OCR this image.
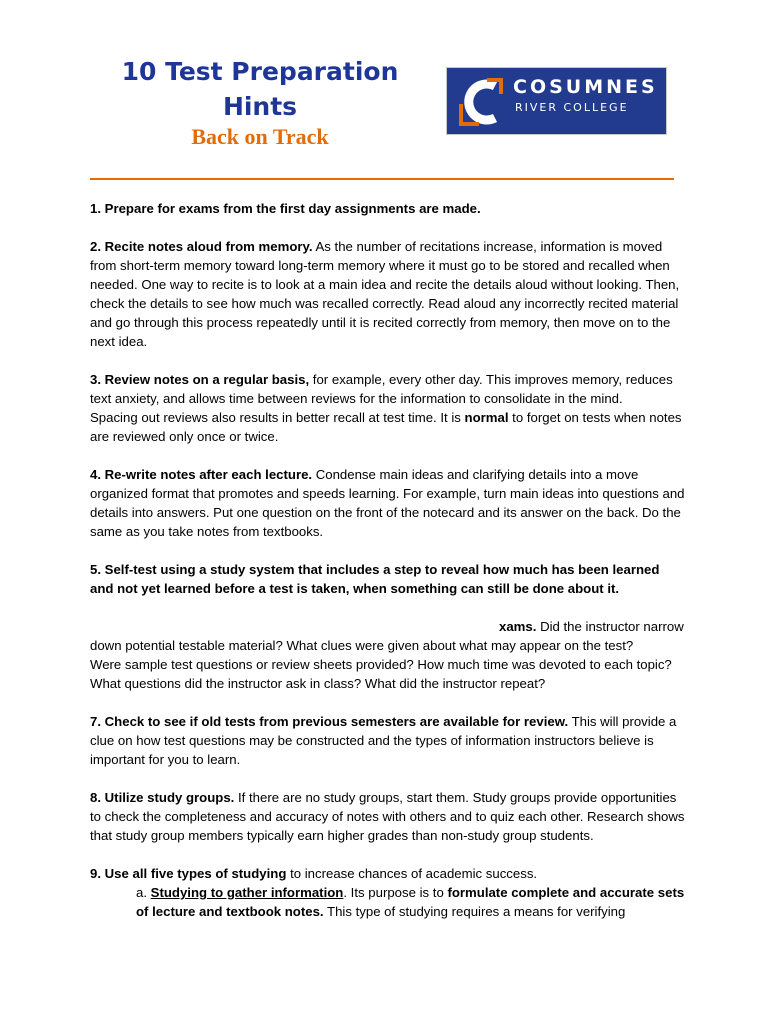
10 Test Preparation
Hints
Back on Track
COSUMNES
RIVER COLLEGE

1. Prepare for exams from the first day assignments are made.

2. Recite notes aloud from memory. As the number of recitations increase, information is moved from short-term memory toward long-term memory where it must go to be stored and recalled when needed. One way to recite is to look at a main idea and recite the details aloud without looking. Then, check the details to see how much was recalled correctly. Read aloud any incorrectly recited material and go through this process repeatedly until it is recited correctly from memory, then move on to the next idea.

3. Review notes on a regular basis, for example, every other day. This improves memory, reduces text anxiety, and allows time between reviews for the information to consolidate in the mind.

Spacing out reviews also results in better recall at test time. It is normal to forget on tests when notes are reviewed only once or twice.

4. Re-write notes after each lecture. Condense main ideas and clarifying details into a move organized format that promotes and speeds learning. For example, turn main ideas into questions and details into answers. Put one question on the front of the notecard and its answer on the back. Do the same as you take notes from textbooks.

5. Self-test using a study system that includes a step to reveal how much has been learned and not yet learned before a test is taken, when something can still be done about it.

xams. Did the instructor narrow down potential testable material? What clues were given about what may appear on the test?

Were sample test questions or review sheets provided? How much time was devoted to each topic? What questions did the instructor ask in class? What did the instructor repeat?

7. Check to see if old tests from previous semesters are available for review. This will provide a clue on how test questions may be constructed and the types of information instructors believe is important for you to learn.

8. Utilize study groups. If there are no study groups, start them. Study groups provide opportunities to check the completeness and accuracy of notes with others and to quiz each other. Research shows that study group members typically earn higher grades than non-study group students.

9. Use all five types of studying to increase chances of academic success.

a. Studying to gather information. Its purpose is to formulate complete and accurate sets of lecture and textbook notes. This type of studying requires a means for verifying
